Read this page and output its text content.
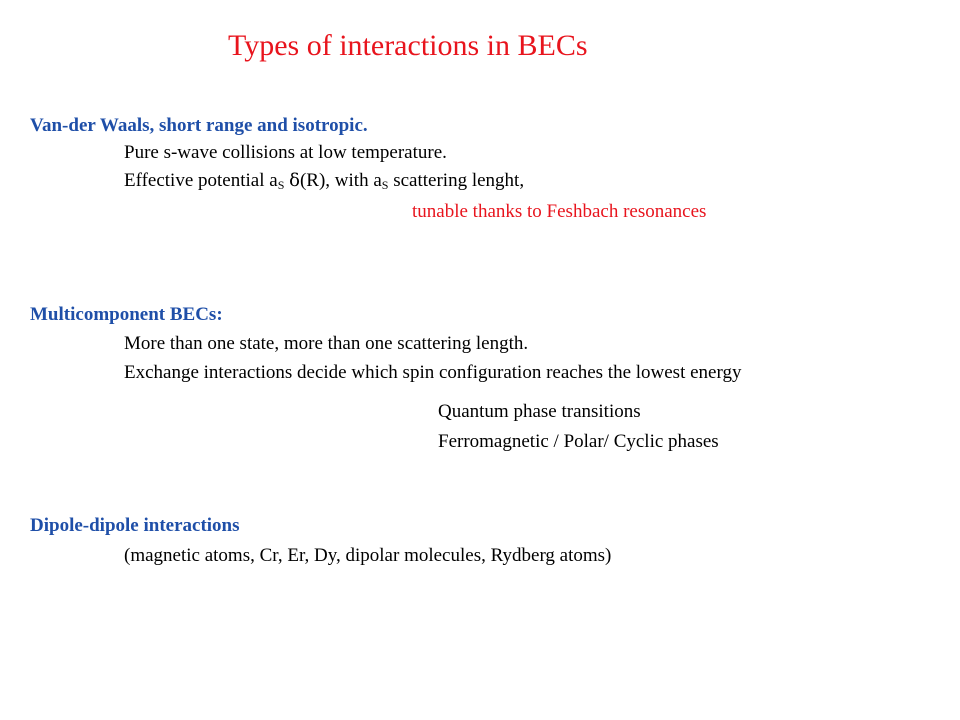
Types of interactions in BECs
Van-der Waals, short range and isotropic.
Pure s-wave collisions at low temperature.
Effective potential $a_S$ δ(R), with $a_S$ scattering lenght,
tunable thanks to Feshbach resonances
Multicomponent BECs:
More than one state, more than one scattering length.
Exchange interactions decide which spin configuration reaches the lowest energy
Quantum phase transitions
Ferromagnetic / Polar/ Cyclic phases
Dipole-dipole interactions
(magnetic atoms, Cr, Er, Dy, dipolar molecules, Rydberg atoms)
